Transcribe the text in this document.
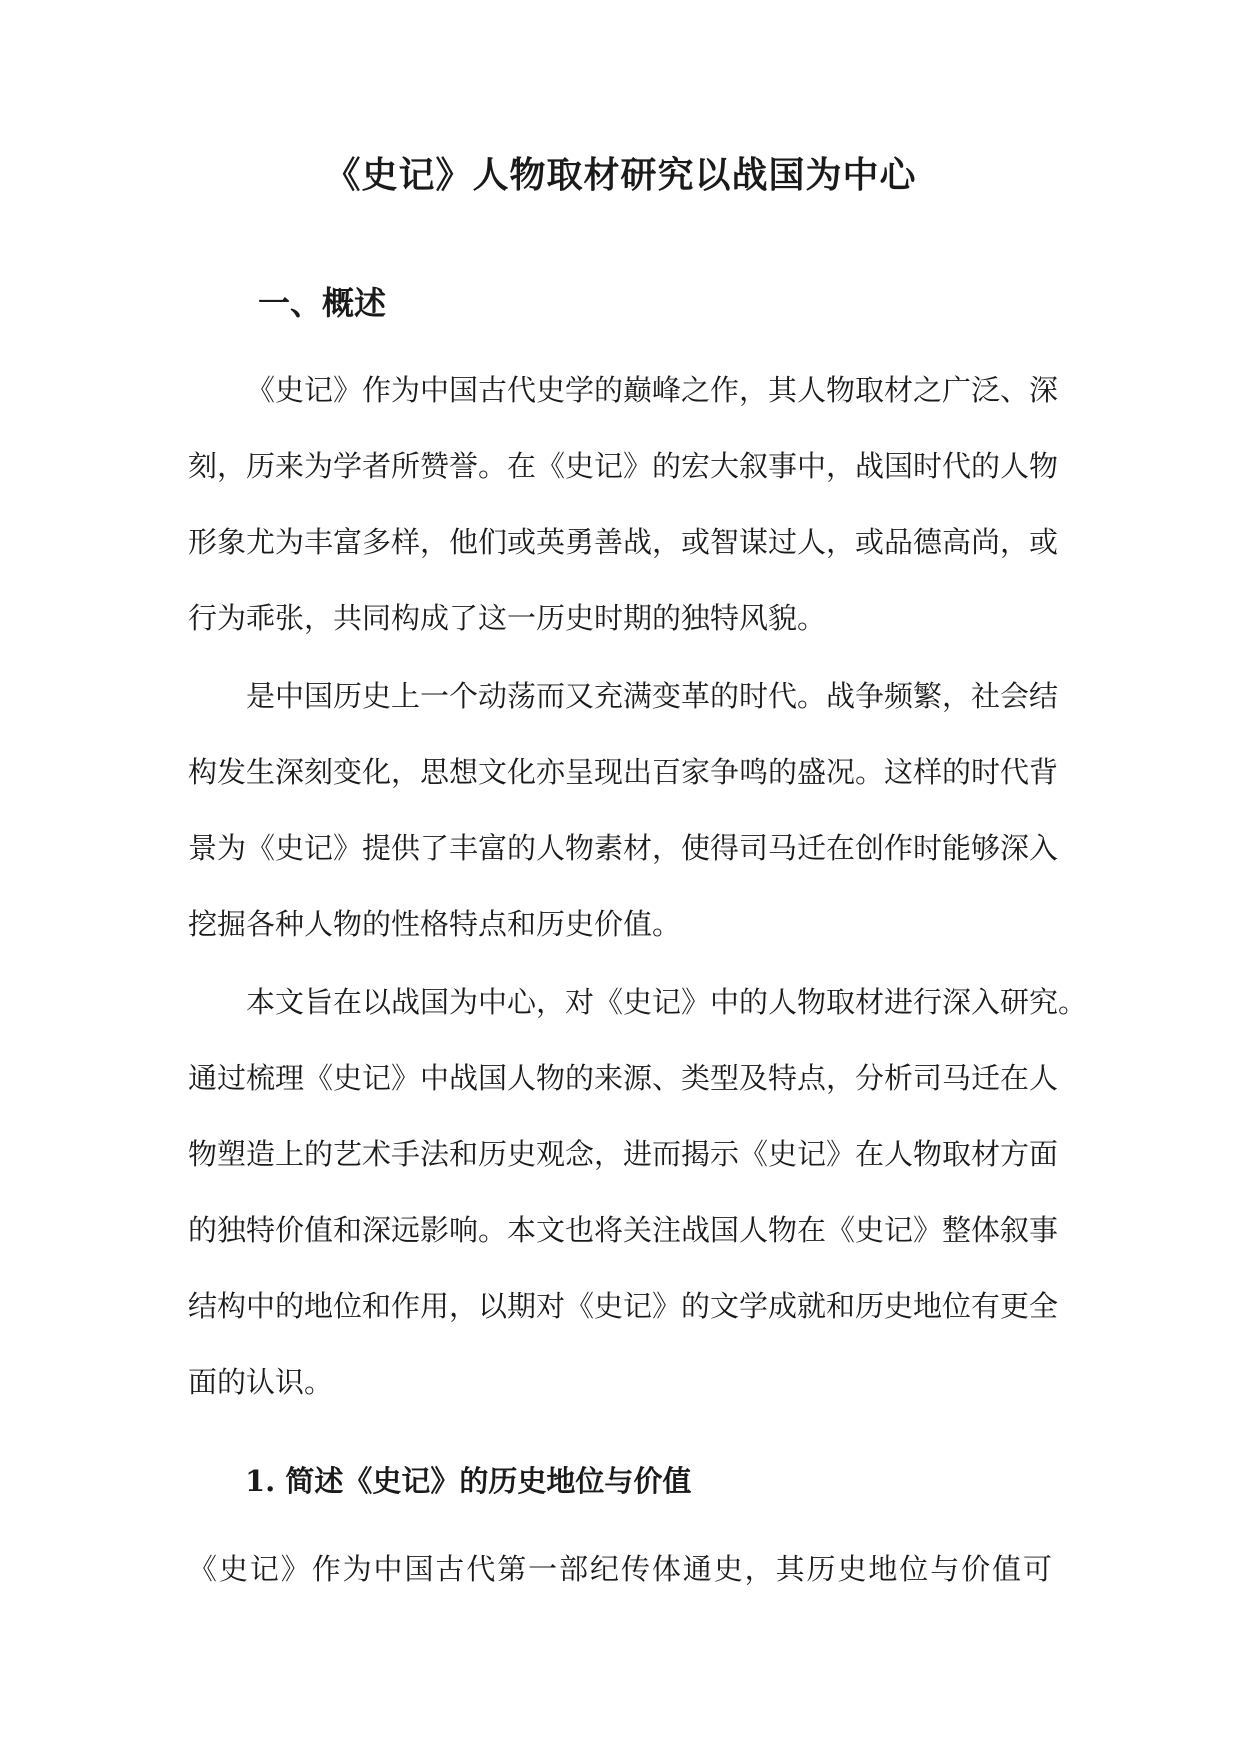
《史记》人物取材研究以战国为中心
一、概述
《史记》作为中国古代史学的巅峰之作，其人物取材之广泛、深
刻，历来为学者所赞誉。在《史记》的宏大叙事中，战国时代的人物
形象尤为丰富多样，他们或英勇善战，或智谋过人，或品德高尚，或
行为乖张，共同构成了这一历史时期的独特风貌。
是中国历史上一个动荡而又充满变革的时代。战争频繁，社会结
构发生深刻变化，思想文化亦呈现出百家争鸣的盛况。这样的时代背
景为《史记》提供了丰富的人物素材，使得司马迁在创作时能够深入
挖掘各种人物的性格特点和历史价值。
本文旨在以战国为中心，对《史记》中的人物取材进行深入研究。
通过梳理《史记》中战国人物的来源、类型及特点，分析司马迁在人
物塑造上的艺术手法和历史观念，进而揭示《史记》在人物取材方面
的独特价值和深远影响。本文也将关注战国人物在《史记》整体叙事
结构中的地位和作用，以期对《史记》的文学成就和历史地位有更全
面的认识。
1. 简述《史记》的历史地位与价值
《史记》作为中国古代第一部纪传体通史，其历史地位与价值可
